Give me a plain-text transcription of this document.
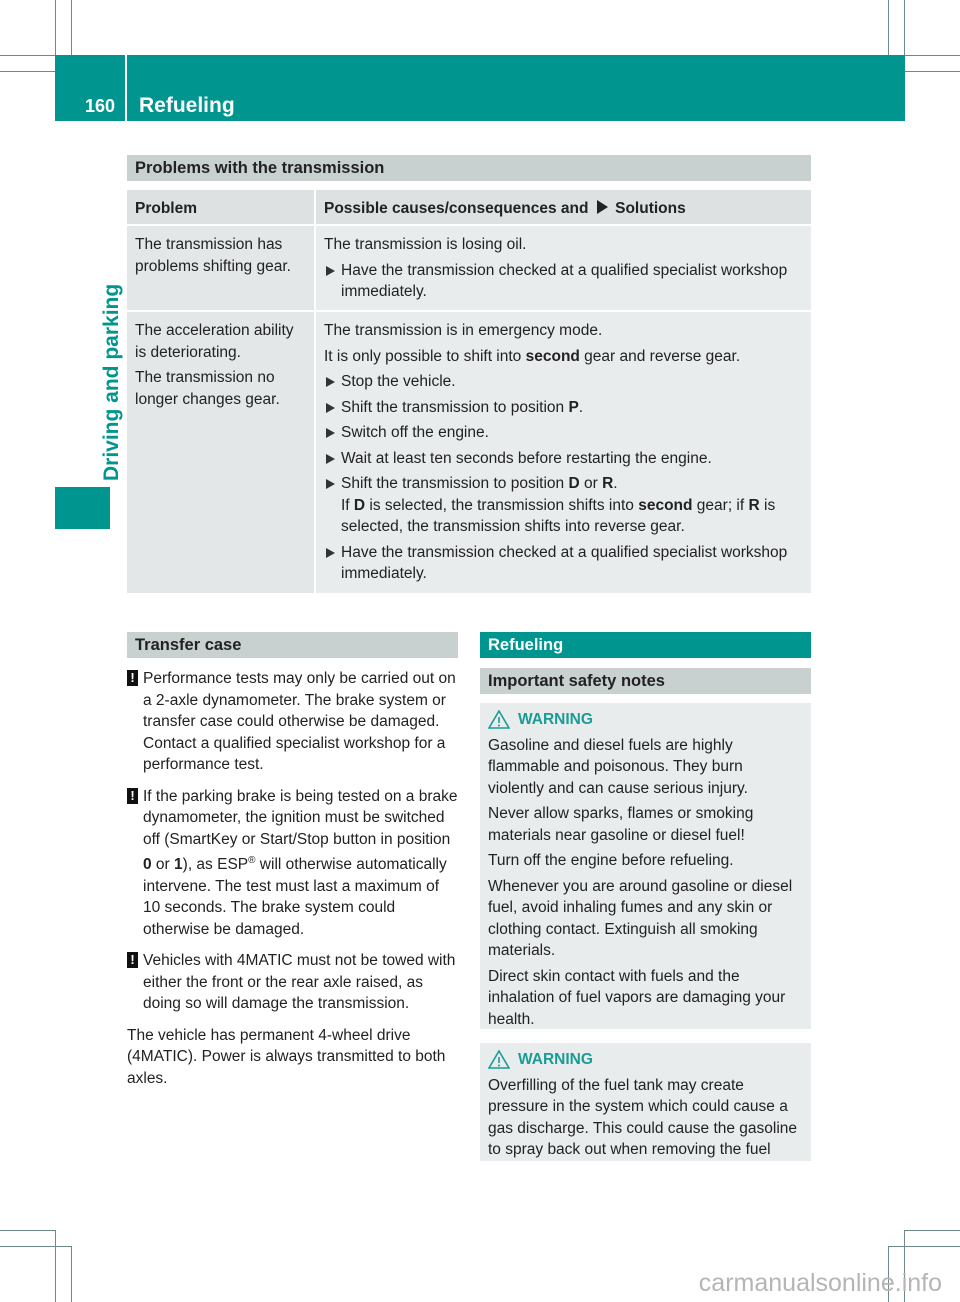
160 Refueling
Driving and parking
Problems with the transmission
Problem	Possible causes/consequences and Solutions
The transmission has problems shifting gear.

The transmission is losing oil.

Have the transmission checked at a qualified specialist workshop immediately.

The acceleration ability is deteriorating.

The transmission no longer changes gear.

The transmission is in emergency mode.

It is only possible to shift into second gear and reverse gear.

Stop the vehicle.
Shift the transmission to position P.
Switch off the engine.
Wait at least ten seconds before restarting the engine.
Shift the transmission to position D or R.
If D is selected, the transmission shifts into second gear; if R is selected, the transmission shifts into reverse gear.
Have the transmission checked at a qualified specialist workshop immediately.
Transfer case
! Performance tests may only be carried out on a 2-axle dynamometer. The brake system or transfer case could otherwise be damaged. Contact a qualified specialist workshop for a performance test.
! If the parking brake is being tested on a brake dynamometer, the ignition must be switched off (SmartKey or Start/Stop button in position 0 or 1), as ESP® will otherwise automatically intervene. The test must last a maximum of 10 seconds. The brake system could otherwise be damaged.
! Vehicles with 4MATIC must not be towed with either the front or the rear axle raised, as doing so will damage the transmission.

The vehicle has permanent 4-wheel drive (4MATIC). Power is always transmitted to both axles.

Refueling
Important safety notes
WARNING

Gasoline and diesel fuels are highly flammable and poisonous. They burn violently and can cause serious injury.

Never allow sparks, flames or smoking materials near gasoline or diesel fuel!

Turn off the engine before refueling.

Whenever you are around gasoline or diesel fuel, avoid inhaling fumes and any skin or clothing contact. Extinguish all smoking materials.

Direct skin contact with fuels and the inhalation of fuel vapors are damaging your health.

WARNING

Overfilling of the fuel tank may create pressure in the system which could cause a gas discharge. This could cause the gasoline to spray back out when removing the fuel

carmanualsonline.info
